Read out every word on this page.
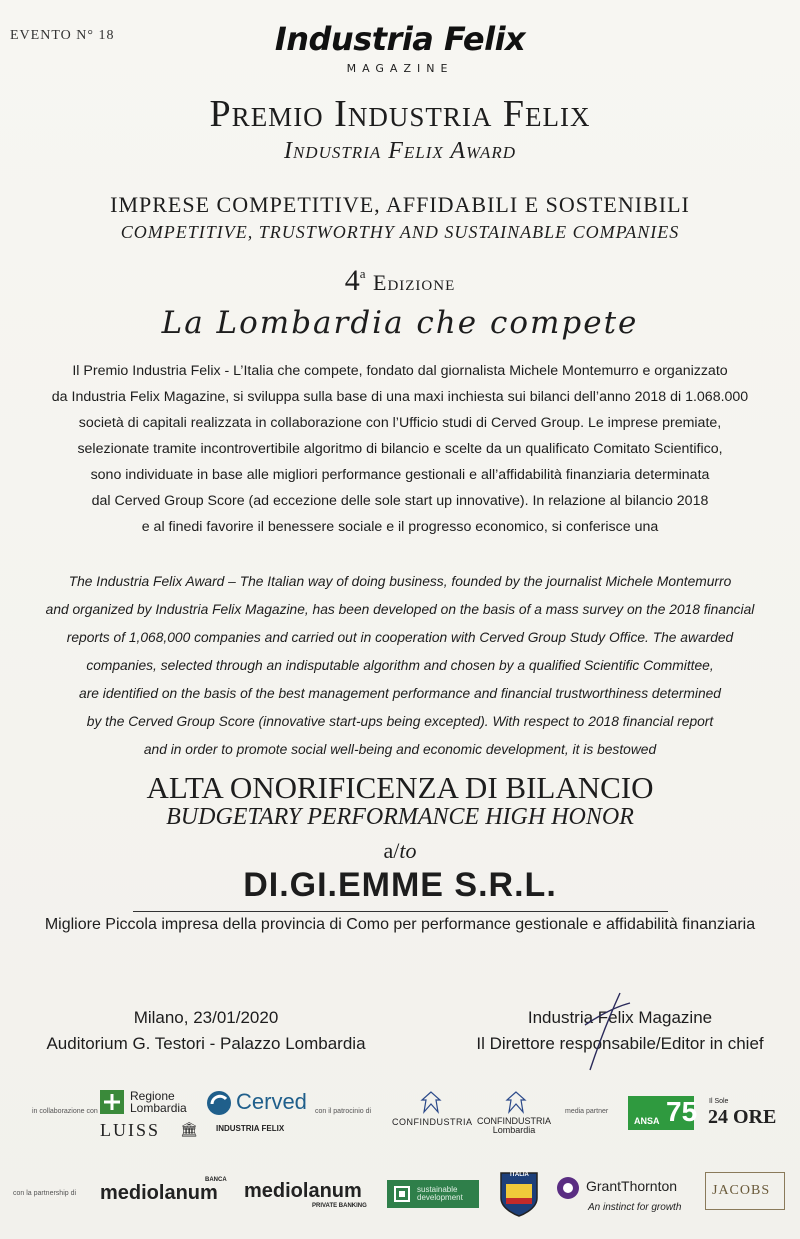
EVENTO N° 18	Industria Felix
MAGAZINE
Premio Industria Felix
Industria Felix Award
IMPRESE COMPETITIVE, AFFIDABILI E SOSTENIBILI
COMPETITIVE, TRUSTWORTHY AND SUSTAINABLE COMPANIES
4$^a$ Edizione
La Lombardia che compete
Il Premio Industria Felix - L’Italia che compete, fondato dal giornalista Michele Montemurro e organizzato
da Industria Felix Magazine, si sviluppa sulla base di una maxi inchiesta sui bilanci dell’anno 2018 di 1.068.000
società di capitali realizzata in collaborazione con l’Ufficio studi di Cerved Group. Le imprese premiate,
selezionate tramite incontrovertibile algoritmo di bilancio e scelte da un qualificato Comitato Scientifico,
sono individuate in base alle migliori performance gestionali e all’affidabilità finanziaria determinata
dal Cerved Group Score (ad eccezione delle sole start up innovative). In relazione al bilancio 2018
e al finedi favorire il benessere sociale e il progresso economico, si conferisce una
The Industria Felix Award – The Italian way of doing business, founded by the journalist Michele Montemurro
and organized by Industria Felix Magazine, has been developed on the basis of a mass survey on the 2018 financial
reports of 1,068,000 companies and carried out in cooperation with Cerved Group Study Office. The awarded
companies, selected through an indisputable algorithm and chosen by a qualified Scientific Committee,
are identified on the basis of the best management performance and financial trustworthiness determined
by the Cerved Group Score (innovative start-ups being excepted). With respect to 2018 financial report
and in order to promote social well-being and economic development, it is bestowed
ALTA ONORIFICENZA DI BILANCIO
BUDGETARY PERFORMANCE HIGH HONOR
a/to
DI.GI.EMME S.R.L.
Migliore Piccola impresa della provincia di Como per performance gestionale e affidabilità finanziaria
Milano, 23/01/2020
Auditorium G. Testori - Palazzo Lombardia
Industria Felix Magazine
Il Direttore responsabile/Editor in chief
in collaborazione con
Regione
Lombardia Cerved
LUISS 🏛 INDUSTRIA FELIX
con il patrocinio di
CONFINDUSTRIA CONFINDUSTRIA
Lombardia
media partner
ANSA 75 Il Sole
24 ORE
con la partnership di mediolanum
BANCA mediolanum
PRIVATE BANKING
sustainable development
ITALIA
GrantThornton
An instinct for growth
JACOBS
